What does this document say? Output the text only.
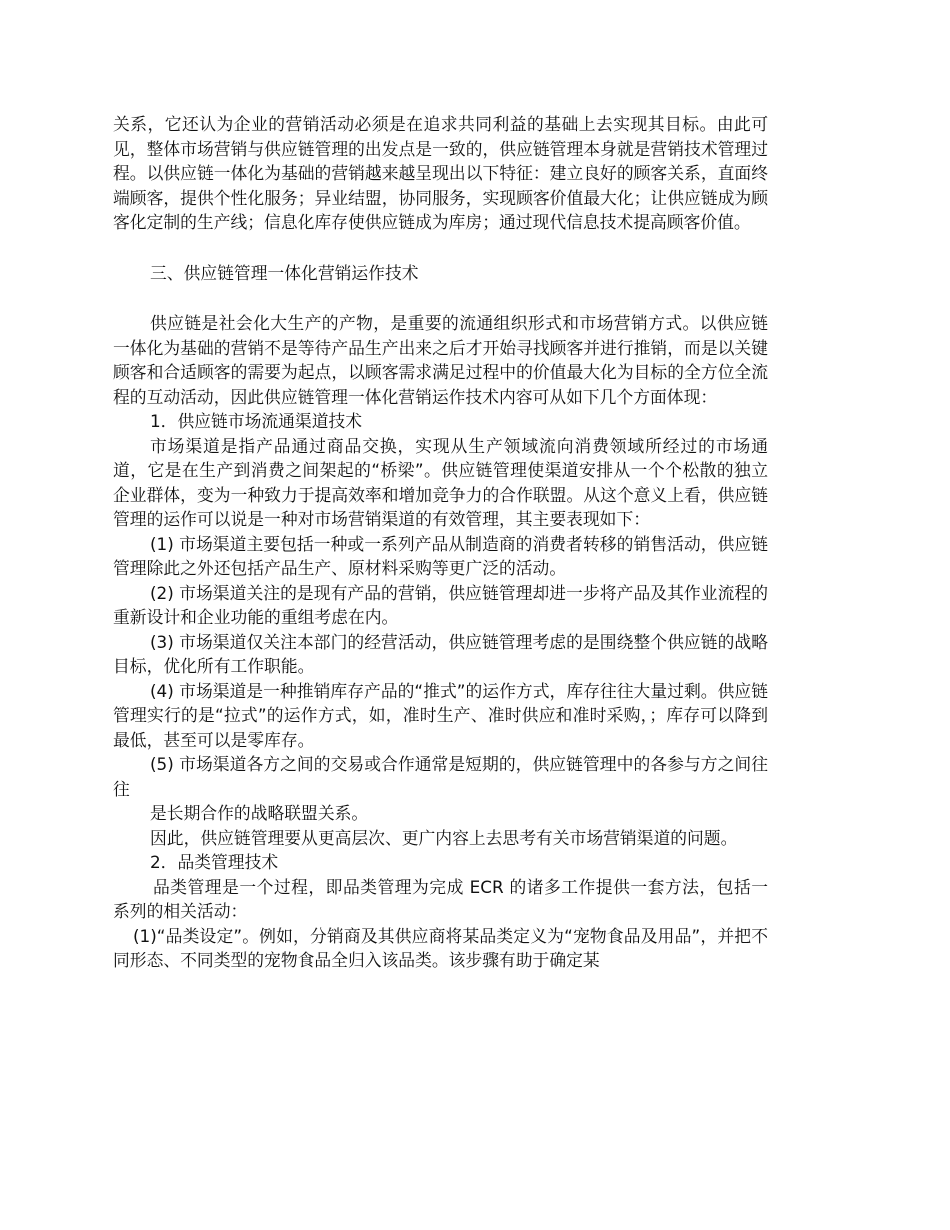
关系，它还认为企业的营销活动必须是在追求共同利益的基础上去实现其目标。由此可见，整体市场营销与供应链管理的出发点是一致的，供应链管理本身就是营销技术管理过程。以供应链一体化为基础的营销越来越呈现出以下特征：建立良好的顾客关系，直面终端顾客，提供个性化服务；异业结盟，协同服务，实现顾客价值最大化；让供应链成为顾客化定制的生产线；信息化库存使供应链成为库房；通过现代信息技术提高顾客价值。

三、供应链管理一体化营销运作技术

供应链是社会化大生产的产物，是重要的流通组织形式和市场营销方式。以供应链一体化为基础的营销不是等待产品生产出来之后才开始寻找顾客并进行推销，而是以关键顾客和合适顾客的需要为起点，以顾客需求满足过程中的价值最大化为目标的全方位全流程的互动活动，因此供应链管理一体化营销运作技术内容可从如下几个方面体现：

1．供应链市场流通渠道技术

市场渠道是指产品通过商品交换，实现从生产领域流向消费领域所经过的市场通道，它是在生产到消费之间架起的“桥梁”。供应链管理使渠道安排从一个个松散的独立企业群体，变为一种致力于提高效率和增加竞争力的合作联盟。从这个意义上看，供应链管理的运作可以说是一种对市场营销渠道的有效管理，其主要表现如下：

(1) 市场渠道主要包括一种或一系列产品从制造商的消费者转移的销售活动，供应链管理除此之外还包括产品生产、原材料采购等更广泛的活动。

(2) 市场渠道关注的是现有产品的营销，供应链管理却进一步将产品及其作业流程的重新设计和企业功能的重组考虑在内。

(3) 市场渠道仅关注本部门的经营活动，供应链管理考虑的是围绕整个供应链的战略目标，优化所有工作职能。

(4) 市场渠道是一种推销库存产品的“推式”的运作方式，库存往往大量过剩。供应链管理实行的是“拉式”的运作方式，如，准时生产、准时供应和准时采购，；库存可以降到最低，甚至可以是零库存。

(5) 市场渠道各方之间的交易或合作通常是短期的，供应链管理中的各参与方之间往往

是长期合作的战略联盟关系。

因此，供应链管理要从更高层次、更广内容上去思考有关市场营销渠道的问题。

2．品类管理技术

品类管理是一个过程，即品类管理为完成 ECR 的诸多工作提供一套方法，包括一系列的相关活动：

(1)“品类设定”。例如，分销商及其供应商将某品类定义为“宠物食品及用品”，并把不同形态、不同类型的宠物食品全归入该品类。该步骤有助于确定某
